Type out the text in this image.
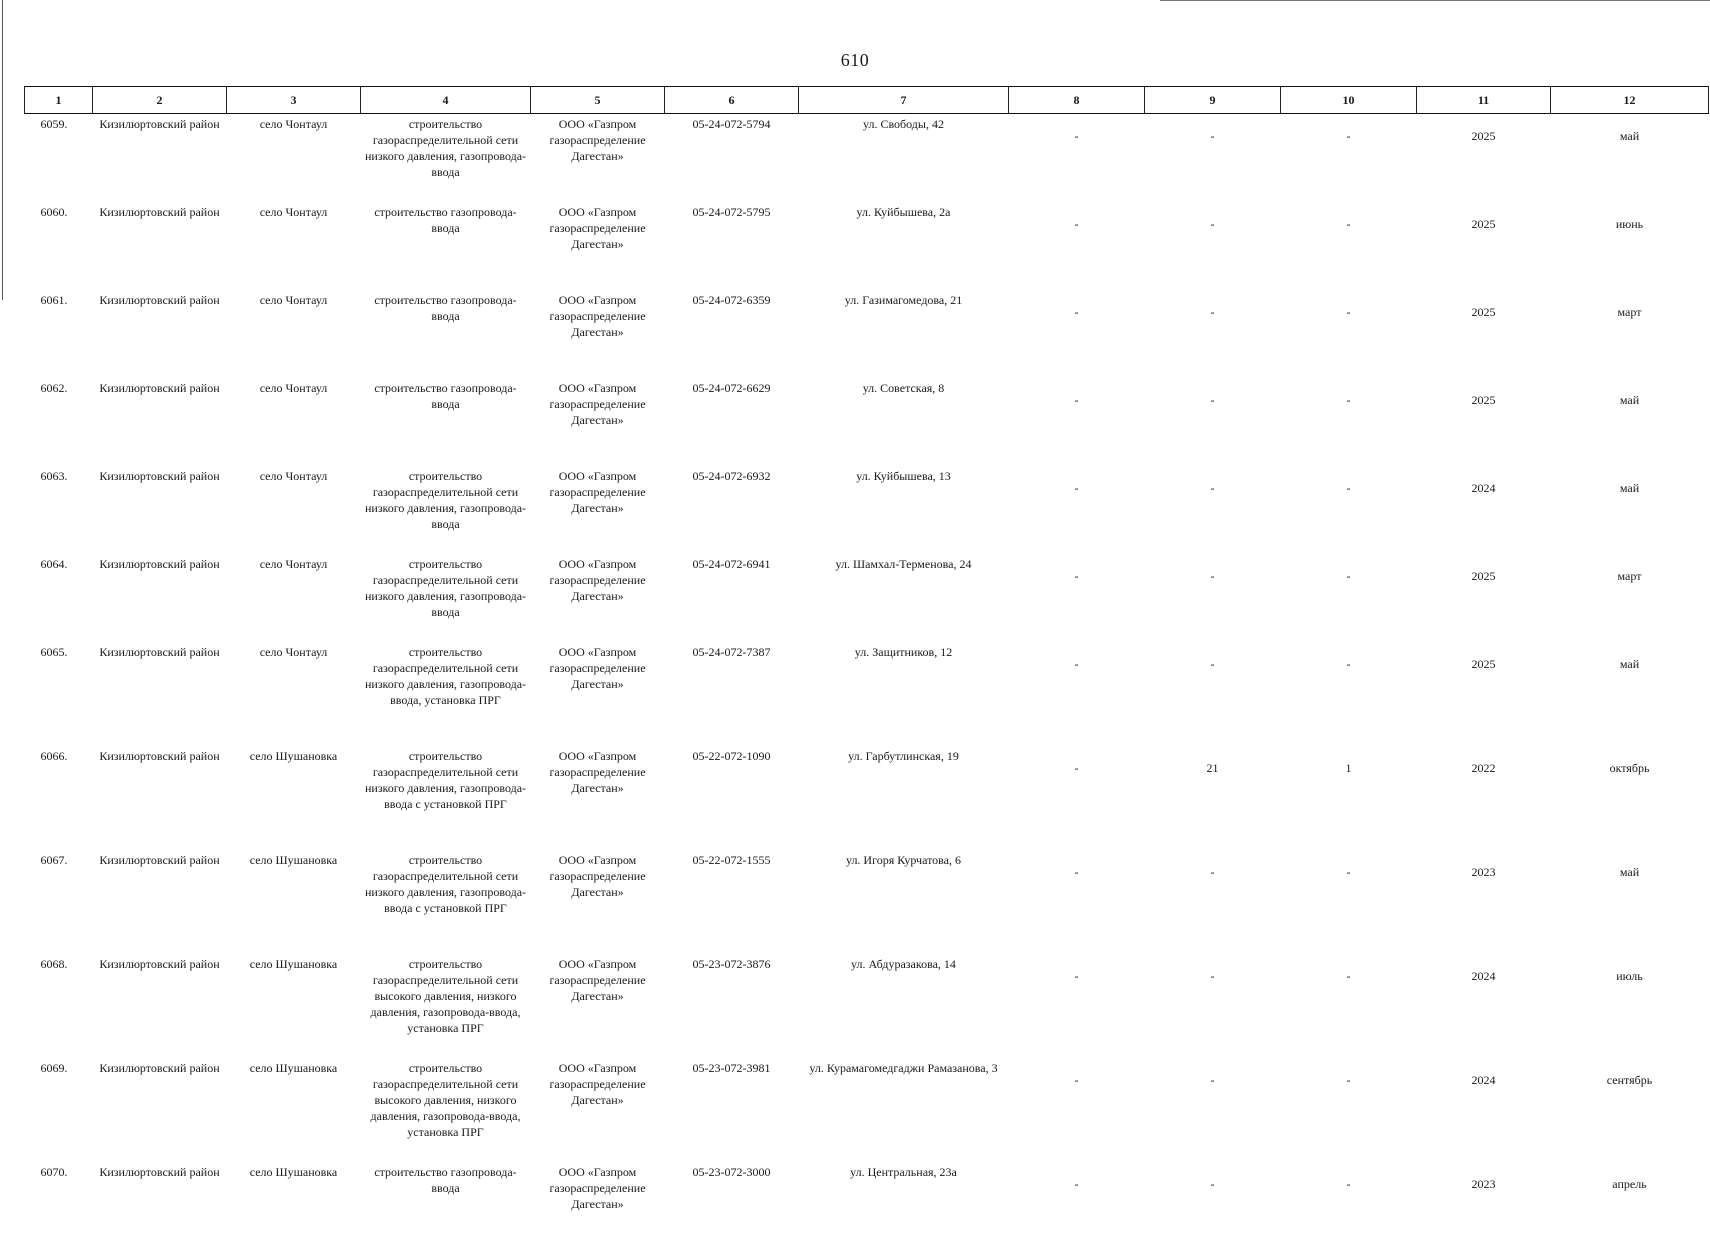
610
1	2	3	4	5	6	7	8	9	10	11	12
6059.	Кизилюртовский район	село Чонтаул	строительство газораспределительной сети низкого давления, газопровода-ввода	ООО «Газпром газораспределение Дагестан»	05-24-072-5794	ул. Свободы, 42	-	-	-	2025	май
6060.	Кизилюртовский район	село Чонтаул	строительство газопровода-ввода	ООО «Газпром газораспределение Дагестан»	05-24-072-5795	ул. Куйбышева, 2а	-	-	-	2025	июнь
6061.	Кизилюртовский район	село Чонтаул	строительство газопровода-ввода	ООО «Газпром газораспределение Дагестан»	05-24-072-6359	ул. Газимагомедова, 21	-	-	-	2025	март
6062.	Кизилюртовский район	село Чонтаул	строительство газопровода-ввода	ООО «Газпром газораспределение Дагестан»	05-24-072-6629	ул. Советская, 8	-	-	-	2025	май
6063.	Кизилюртовский район	село Чонтаул	строительство газораспределительной сети низкого давления, газопровода-ввода	ООО «Газпром газораспределение Дагестан»	05-24-072-6932	ул. Куйбышева, 13	-	-	-	2024	май
6064.	Кизилюртовский район	село Чонтаул	строительство газораспределительной сети низкого давления, газопровода-ввода	ООО «Газпром газораспределение Дагестан»	05-24-072-6941	ул. Шамхал-Терменова, 24	-	-	-	2025	март
6065.	Кизилюртовский район	село Чонтаул	строительство газораспределительной сети низкого давления, газопровода-ввода, установка ПРГ	ООО «Газпром газораспределение Дагестан»	05-24-072-7387	ул. Защитников, 12	-	-	-	2025	май
6066.	Кизилюртовский район	село Шушановка	строительство газораспределительной сети низкого давления, газопровода-ввода с установкой ПРГ	ООО «Газпром газораспределение Дагестан»	05-22-072-1090	ул. Гарбутлинская, 19	-	21	1	2022	октябрь
6067.	Кизилюртовский район	село Шушановка	строительство газораспределительной сети низкого давления, газопровода-ввода с установкой ПРГ	ООО «Газпром газораспределение Дагестан»	05-22-072-1555	ул. Игоря Курчатова, 6	-	-	-	2023	май
6068.	Кизилюртовский район	село Шушановка	строительство газораспределительной сети высокого давления, низкого давления, газопровода-ввода, установка ПРГ	ООО «Газпром газораспределение Дагестан»	05-23-072-3876	ул. Абдуразакова, 14	-	-	-	2024	июль
6069.	Кизилюртовский район	село Шушановка	строительство газораспределительной сети высокого давления, низкого давления, газопровода-ввода, установка ПРГ	ООО «Газпром газораспределение Дагестан»	05-23-072-3981	ул. Курамагомедгаджи Рамазанова, 3	-	-	-	2024	сентябрь
6070.	Кизилюртовский район	село Шушановка	строительство газопровода-ввода	ООО «Газпром газораспределение Дагестан»	05-23-072-3000	ул. Центральная, 23а	-	-	-	2023	апрель
